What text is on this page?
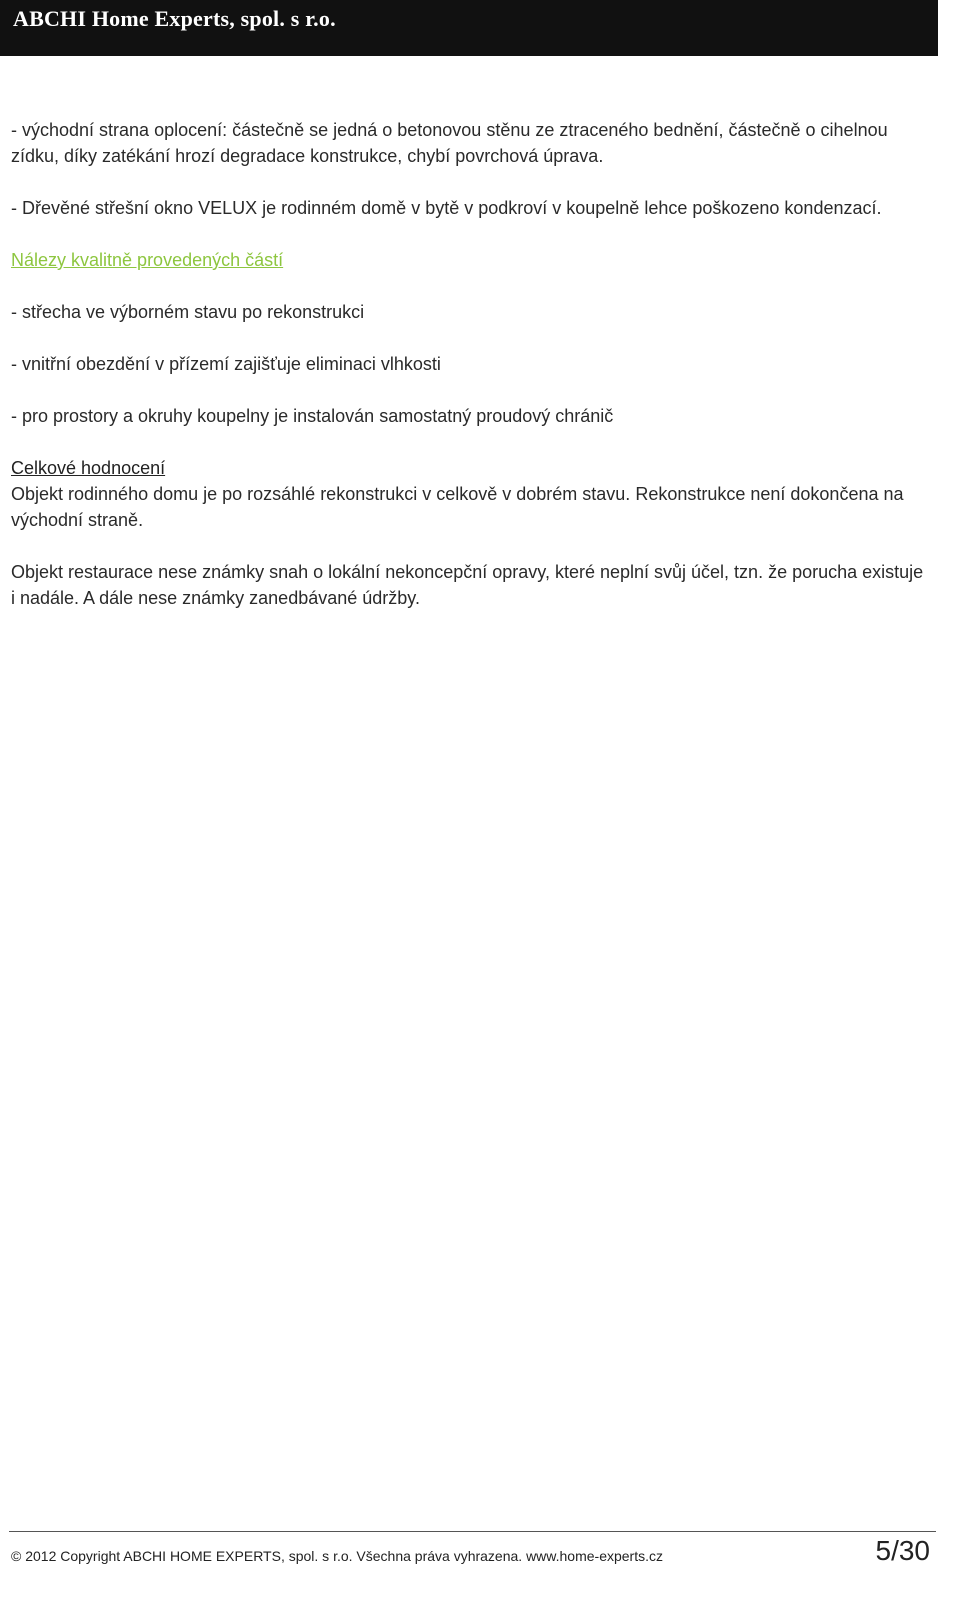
ABCHI Home Experts, spol. s r.o.

- východní strana oplocení: částečně se jedná o betonovou stěnu ze ztraceného bednění, částečně o cihelnou zídku, díky zatékání hrozí degradace konstrukce, chybí povrchová úprava.

- Dřevěné střešní okno VELUX je rodinném domě v bytě v podkroví v koupelně lehce poškozeno kondenzací.

Nálezy kvalitně provedených částí

- střecha ve výborném stavu po rekonstrukci

- vnitřní obezdění v přízemí zajišťuje eliminaci vlhkosti

- pro prostory a okruhy koupelny je instalován samostatný proudový chránič

Celkové hodnocení

Objekt rodinného domu je po rozsáhlé rekonstrukci v celkově v dobrém stavu. Rekonstrukce není dokončena na východní straně.

Objekt restaurace nese známky snah o lokální nekoncepční opravy, které neplní svůj účel, tzn. že porucha existuje i nadále. A dále nese známky zanedbávané údržby.

© 2012 Copyright ABCHI HOME EXPERTS, spol. s r.o. Všechna práva vyhrazena. www.home-experts.cz	5/30
